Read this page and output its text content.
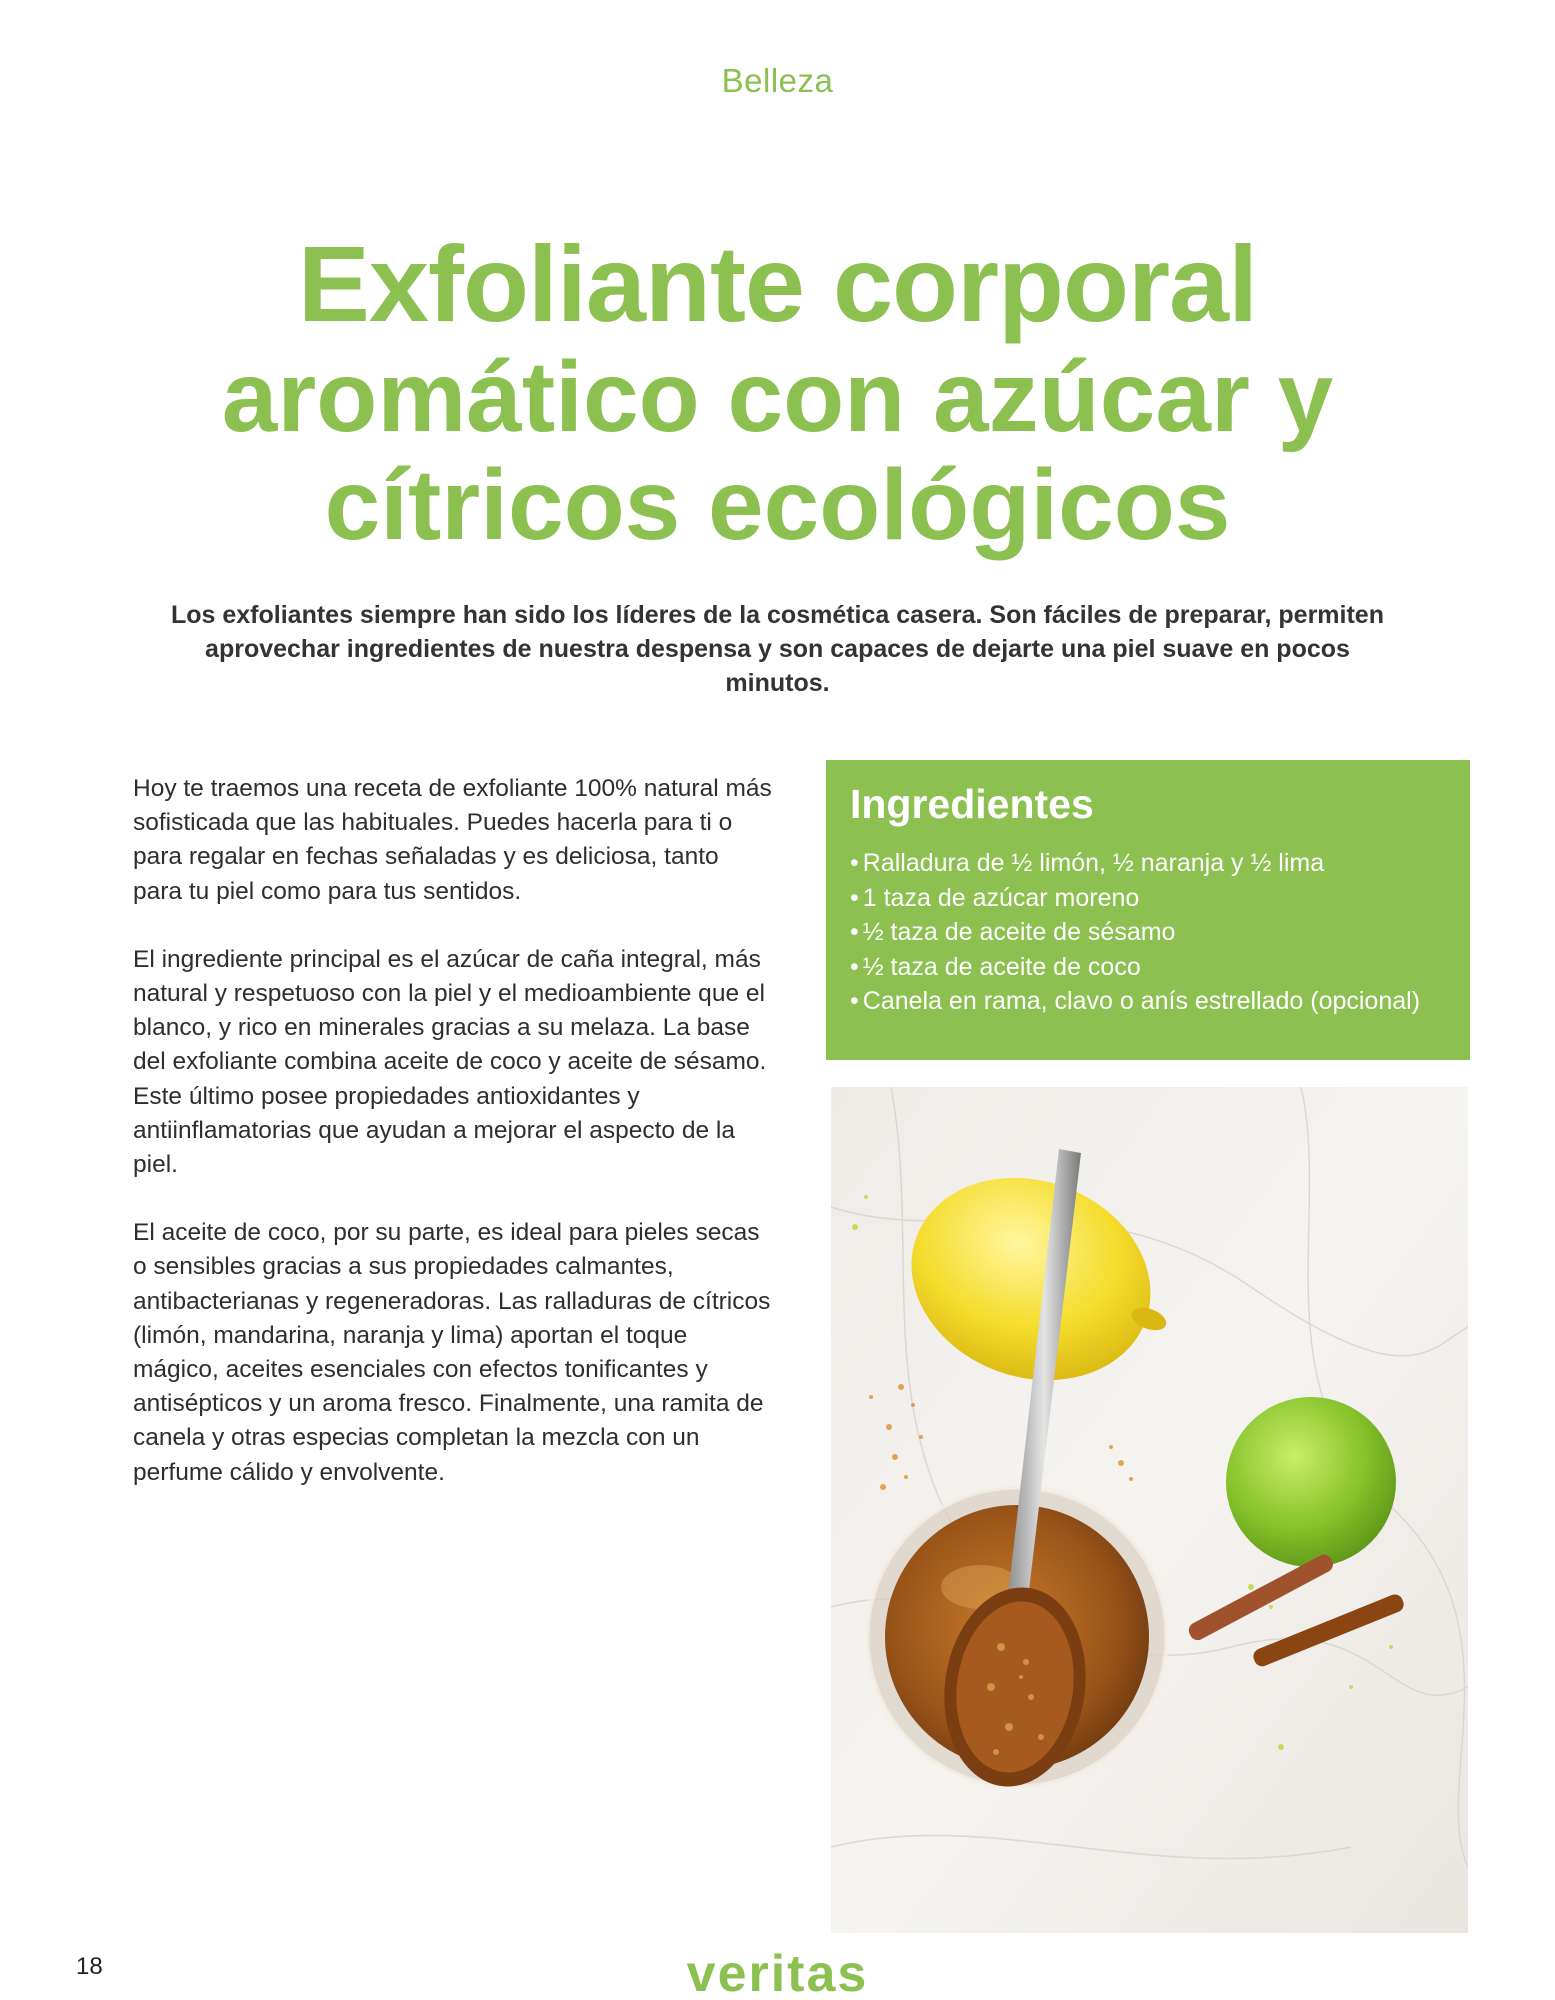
Belleza
Exfoliante corporal
aromático con azúcar y
cítricos ecológicos
Los exfoliantes siempre han sido los líderes de la cosmética casera. Son fáciles de preparar, permiten aprovechar ingredientes de nuestra despensa y son capaces de dejarte una piel suave en pocos minutos.

Hoy te traemos una receta de exfoliante 100% natural más sofisticada que las habituales. Puedes hacerla para ti o para regalar en fechas señaladas y es deliciosa, tanto para tu piel como para tus sentidos.

El ingrediente principal es el azúcar de caña integral, más natural y respetuoso con la piel y el medioambiente que el blanco, y rico en minerales gracias a su melaza. La base del exfoliante combina aceite de coco y aceite de sésamo. Este último posee propiedades antioxidantes y antiinflamatorias que ayudan a mejorar el aspecto de la piel.

El aceite de coco, por su parte, es ideal para pieles secas o sensibles gracias a sus propiedades calmantes, antibacterianas y regeneradoras. Las ralladuras de cítricos (limón, mandarina, naranja y lima) aportan el toque mágico, aceites esenciales con efectos tonificantes y antisépticos y un aroma fresco. Finalmente, una ramita de canela y otras especias completan la mezcla con un perfume cálido y envolvente.

Ingredientes
• Ralladura de ½ limón, ½ naranja y ½ lima
• 1 taza de azúcar moreno
• ½ taza de aceite de sésamo
• ½ taza de aceite de coco
• Canela en rama, clavo o anís estrellado (opcional)
18	veritas
